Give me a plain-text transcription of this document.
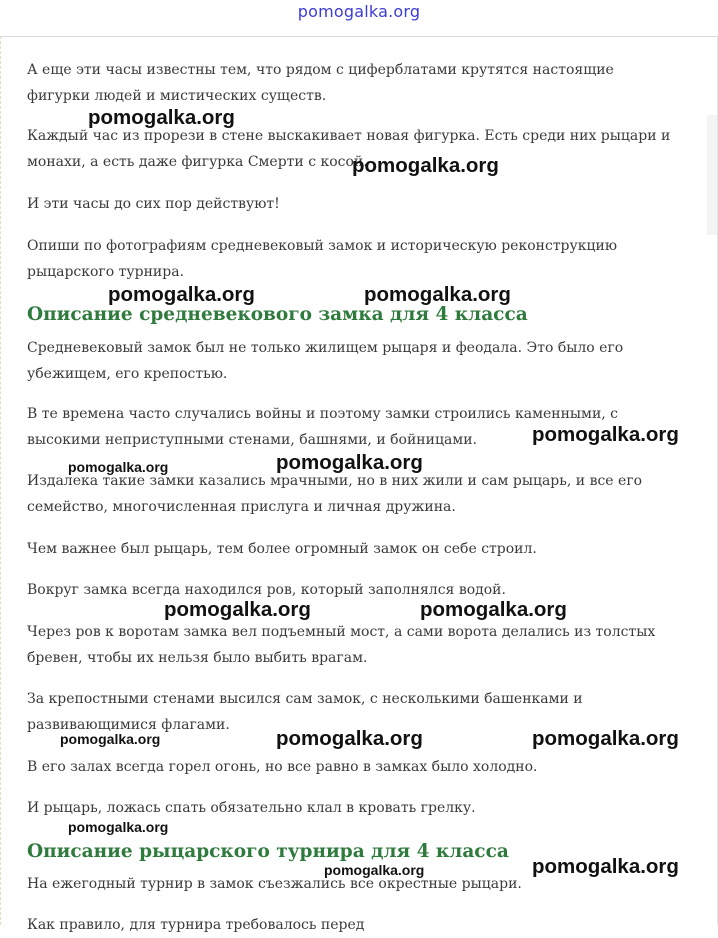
pomogalka.org
А еще эти часы известны тем, что рядом с циферблатами крутятся настоящие фигурки людей и мистических существ.
Каждый час из прорези в стене выскакивает новая фигурка. Есть среди них рыцари и монахи, а есть даже фигурка Смерти с косой.
И эти часы до сих пор действуют!
Опиши по фотографиям средневековый замок и историческую реконструкцию рыцарского турнира.
Описание средневекового замка для 4 класса
Средневековый замок был не только жилищем рыцаря и феодала. Это было его убежищем, его крепостью.
В те времена часто случались войны и поэтому замки строились каменными, с высокими неприступными стенами, башнями, и бойницами.
Издалека такие замки казались мрачными, но в них жили и сам рыцарь, и все его семейство, многочисленная прислуга и личная дружина.
Чем важнее был рыцарь, тем более огромный замок он себе строил.
Вокруг замка всегда находился ров, который заполнялся водой.
Через ров к воротам замка вел подъемный мост, а сами ворота делались из толстых бревен, чтобы их нельзя было выбить врагам.
За крепостными стенами высился сам замок, с несколькими башенками и развивающимися флагами.
В его залах всегда горел огонь, но все равно в замках было холодно.
И рыцарь, ложась спать обязательно клал в кровать грелку.
Описание рыцарского турнира для 4 класса
На ежегодный турнир в замок съезжались все окрестные рыцари.
Как правило, для турнира требовалось перед
pomogalka.org
pomogalka.org
pomogalka.org	pomogalka.org
pomogalka.org
pomogalka.org	pomogalka.org
pomogalka.org	pomogalka.org
pomogalka.org	pomogalka.org	pomogalka.org
pomogalka.org
pomogalka.org	pomogalka.org
